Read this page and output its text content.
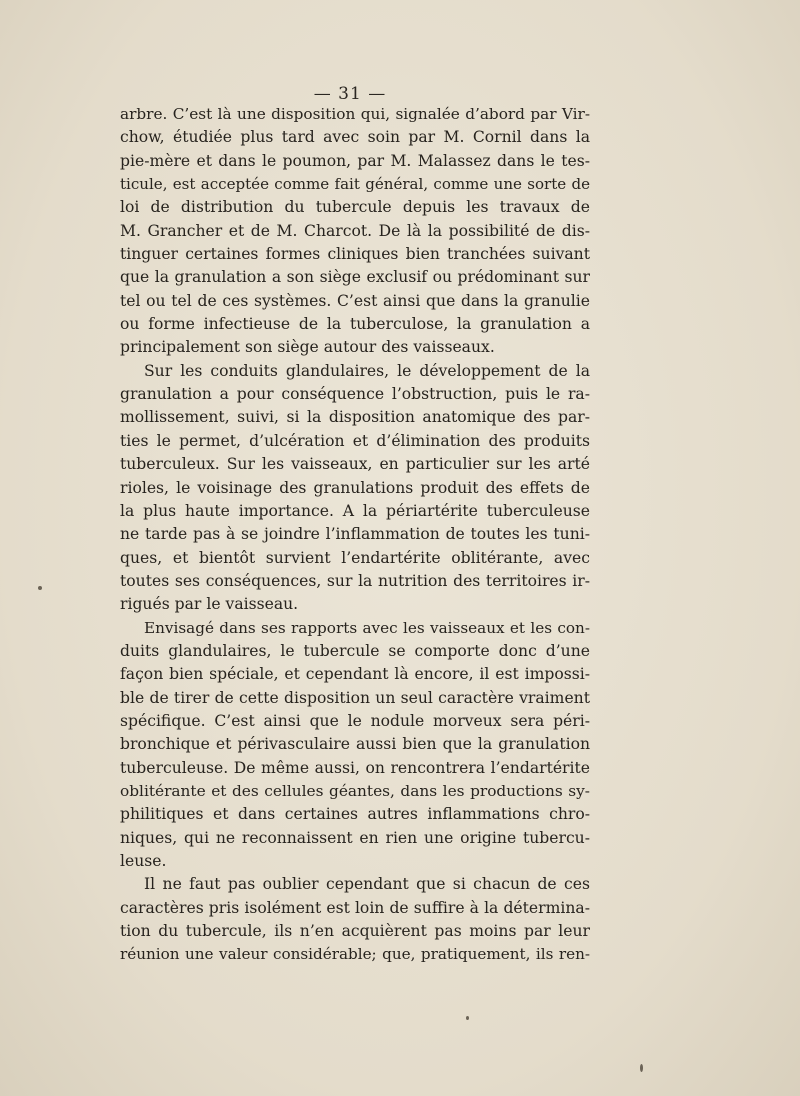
— 31 —
arbre. C’est là une disposition qui, signalée d’abord par Vir-
chow, étudiée plus tard avec soin par M. Cornil dans la
pie-mère et dans le poumon, par M. Malassez dans le tes-
ticule, est acceptée comme fait général, comme une sorte de
loi de distribution du tubercule depuis les travaux de
M. Grancher et de M. Charcot. De là la possibilité de dis-
tinguer certaines formes cliniques bien tranchées suivant
que la granulation a son siège exclusif ou prédominant sur
tel ou tel de ces systèmes. C’est ainsi que dans la granulie
ou forme infectieuse de la tuberculose, la granulation a
principalement son siège autour des vaisseaux.
Sur les conduits glandulaires, le développement de la
granulation a pour conséquence l’obstruction, puis le ra-
mollissement, suivi, si la disposition anatomique des par-
ties le permet, d’ulcération et d’élimination des produits
tuberculeux. Sur les vaisseaux, en particulier sur les arté
rioles, le voisinage des granulations produit des effets de
la plus haute importance. A la périartérite tuberculeuse
ne tarde pas à se joindre l’inflammation de toutes les tuni-
ques, et bientôt survient l’endartérite oblitérante, avec
toutes ses conséquences, sur la nutrition des territoires ir-
rigués par le vaisseau.
Envisagé dans ses rapports avec les vaisseaux et les con-
duits glandulaires, le tubercule se comporte donc d’une
façon bien spéciale, et cependant là encore, il est impossi-
ble de tirer de cette disposition un seul caractère vraiment
spécifique. C’est ainsi que le nodule morveux sera péri-
bronchique et périvasculaire aussi bien que la granulation
tuberculeuse. De même aussi, on rencontrera l’endartérite
oblitérante et des cellules géantes, dans les productions sy-
philitiques et dans certaines autres inflammations chro-
niques, qui ne reconnaissent en rien une origine tubercu-
leuse.
Il ne faut pas oublier cependant que si chacun de ces
caractères pris isolément est loin de suffire à la détermina-
tion du tubercule, ils n’en acquièrent pas moins par leur
réunion une valeur considérable; que, pratiquement, ils ren-
